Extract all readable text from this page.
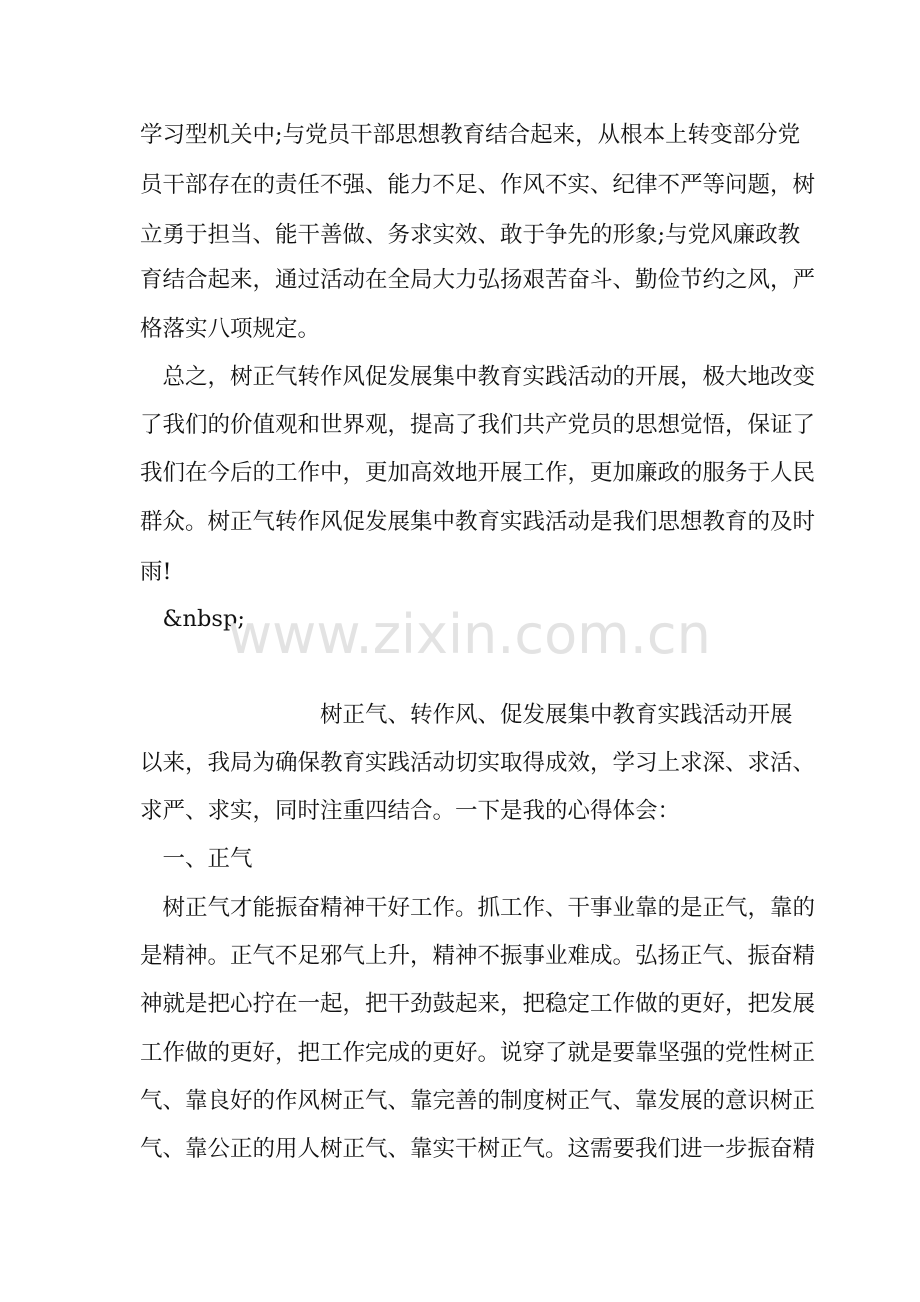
学习型机关中;与党员干部思想教育结合起来，从根本上转变部分党
员干部存在的责任不强、能力不足、作风不实、纪律不严等问题，树
立勇于担当、能干善做、务求实效、敢于争先的形象;与党风廉政教
育结合起来，通过活动在全局大力弘扬艰苦奋斗、勤俭节约之风，严
格落实八项规定。
　总之，树正气转作风促发展集中教育实践活动的开展，极大地改变
了我们的价值观和世界观，提高了我们共产党员的思想觉悟，保证了
我们在今后的工作中，更加高效地开展工作，更加廉政的服务于人民
群众。树正气转作风促发展集中教育实践活动是我们思想教育的及时
雨!
　&nbsp;
　　　　　　　　树正气、转作风、促发展集中教育实践活动开展
以来，我局为确保教育实践活动切实取得成效，学习上求深、求活、
求严、求实，同时注重四结合。一下是我的心得体会：
　一、正气
　树正气才能振奋精神干好工作。抓工作、干事业靠的是正气，靠的
是精神。正气不足邪气上升，精神不振事业难成。弘扬正气、振奋精
神就是把心拧在一起，把干劲鼓起来，把稳定工作做的更好，把发展
工作做的更好，把工作完成的更好。说穿了就是要靠坚强的党性树正
气、靠良好的作风树正气、靠完善的制度树正气、靠发展的意识树正
气、靠公正的用人树正气、靠实干树正气。这需要我们进一步振奋精
www.zixin.com.cn
